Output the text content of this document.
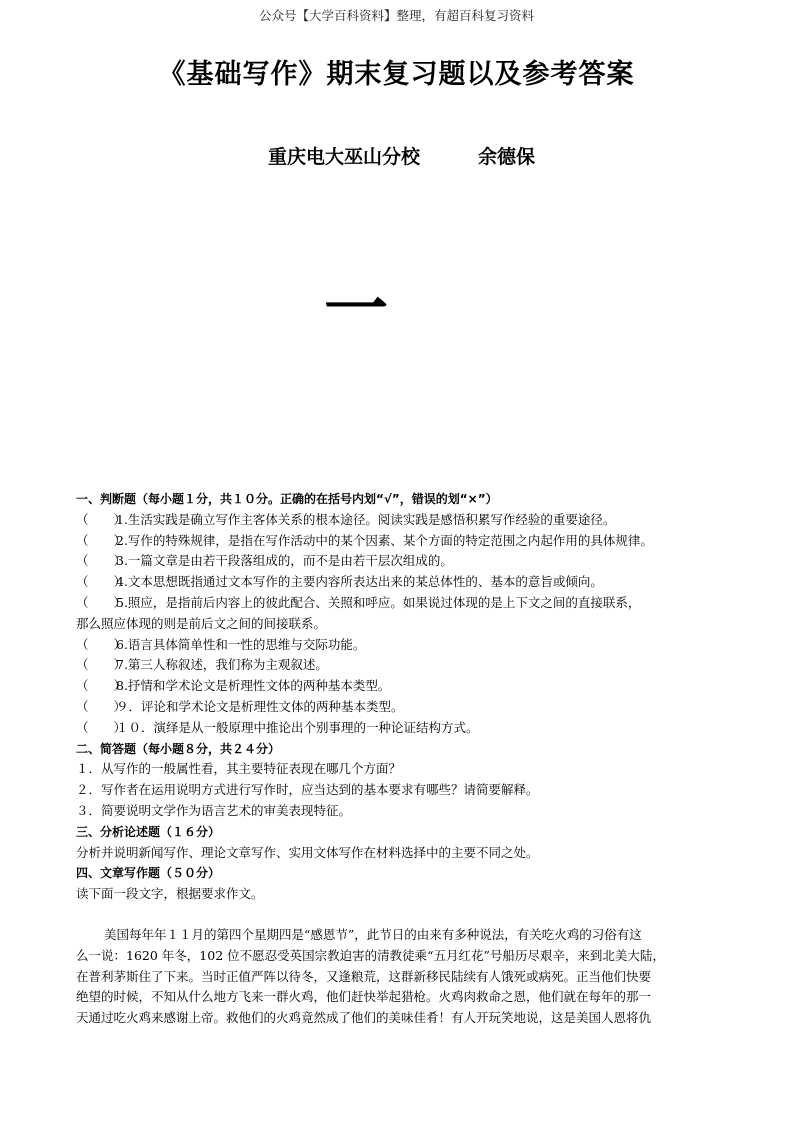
公众号【大学百科资料】整理，有超百科复习资料
《基础写作》期末复习题以及参考答案
重庆电大巫山分校	余德保
一
一、判断题（每小题１分，共１０分。正确的在括号内划“√”，错误的划“×”）
（　　）1.生活实践是确立写作主客体关系的根本途径。阅读实践是感悟积累写作经验的重要途径。
（　　）2.写作的特殊规律，是指在写作活动中的某个因素、某个方面的特定范围之内起作用的具体规律。
（　　）3.一篇文章是由若干段落组成的，而不是由若干层次组成的。
（　　）4.文本思想既指通过文本写作的主要内容所表达出来的某总体性的、基本的意旨或倾向。
（　　）5.照应，是指前后内容上的彼此配合、关照和呼应。如果说过体现的是上下文之间的直接联系，
那么照应体现的则是前后文之间的间接联系。
（　　）6.语言具体简单性和一性的思维与交际功能。
（　　）7.第三人称叙述，我们称为主观叙述。
（　　）8.抒情和学术论文是析理性文体的两种基本类型。
（　　）９．评论和学术论文是析理性文体的两种基本类型。
（　　）１０．演绎是从一般原理中推论出个别事理的一种论证结构方式。
二、简答题（每小题８分，共２４分）
１．从写作的一般属性看，其主要特征表现在哪几个方面？
２．写作者在运用说明方式进行写作时，应当达到的基本要求有哪些？请简要解释。
３．简要说明文学作为语言艺术的审美表现特征。
三、分析论述题（１６分）
分析并说明新闻写作、理论文章写作、实用文体写作在材料选择中的主要不同之处。
四、文章写作题（５０分）
读下面一段文字，根据要求作文。
美国每年年１１月的第四个星期四是“感恩节”，此节日的由来有多种说法，有关吃火鸡的习俗有这
么一说：1620 年冬，102 位不愿忍受英国宗教迫害的清教徒乘“五月红花”号船历尽艰辛，来到北美大陆，
在普利茅斯住了下来。当时正值严阵以待冬，又逢粮荒，这群新移民陆续有人饿死或病死。正当他们快要
绝望的时候，不知从什么地方飞来一群火鸡，他们赶快举起猎枪。火鸡肉救命之恩，他们就在每年的那一
天通过吃火鸡来感谢上帝。救他们的火鸡竟然成了他们的美味佳肴！有人开玩笑地说，这是美国人恩将仇
